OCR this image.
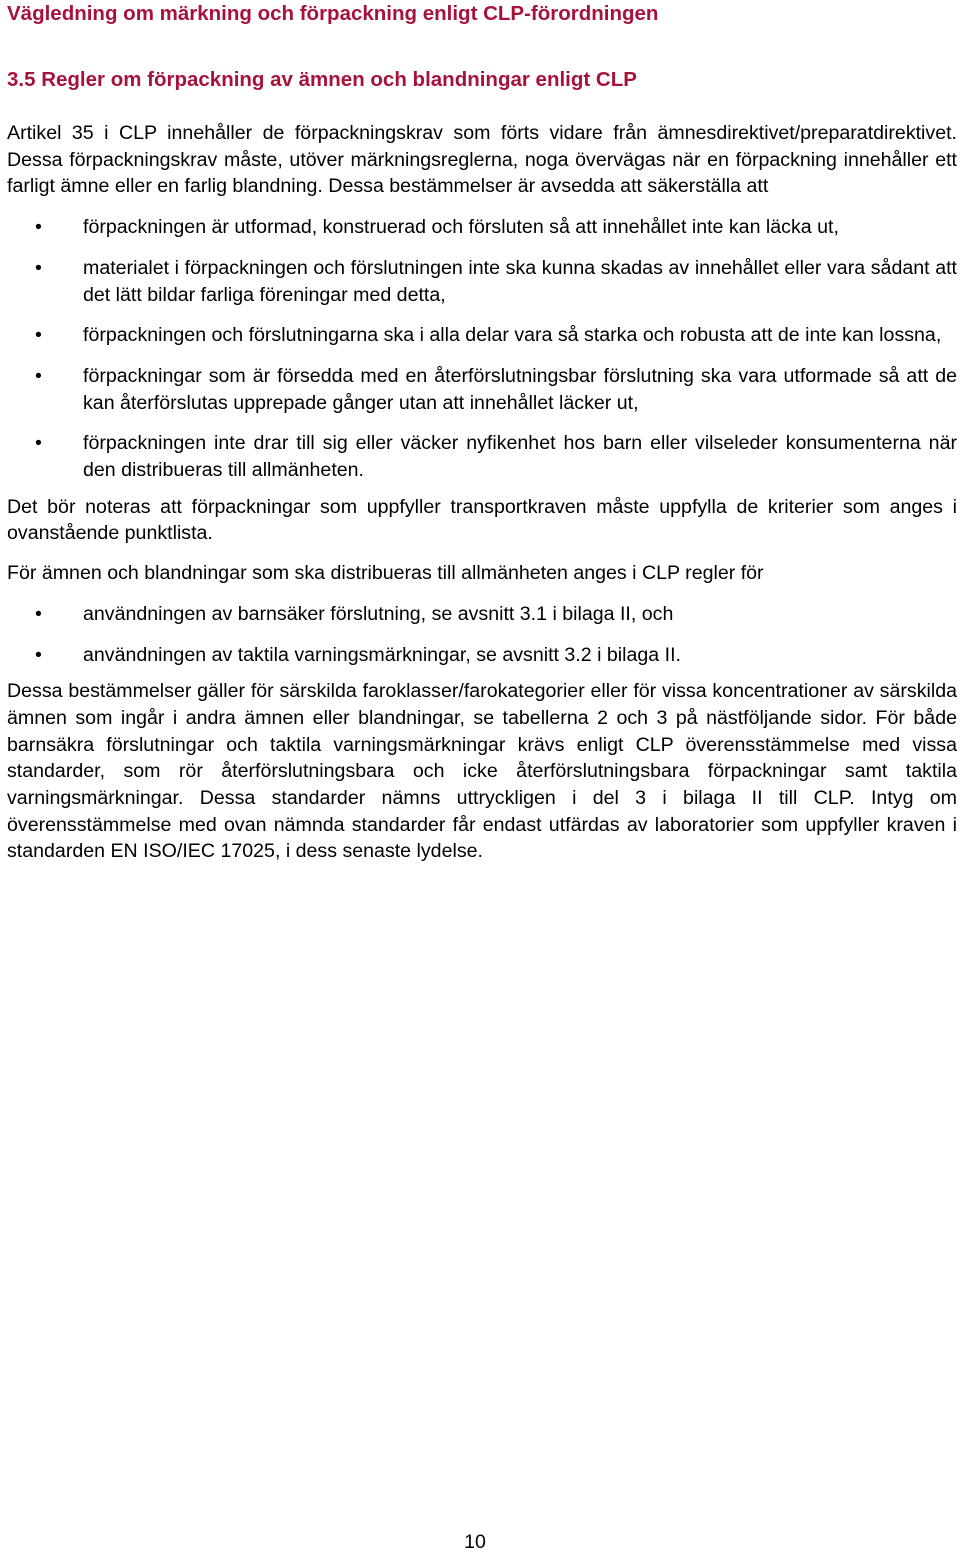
Vägledning om märkning och förpackning enligt CLP-förordningen
3.5 Regler om förpackning av ämnen och blandningar enligt CLP

Artikel 35 i CLP innehåller de förpackningskrav som förts vidare från ämnesdirektivet/preparatdirektivet. Dessa förpackningskrav måste, utöver märkningsreglerna, noga övervägas när en förpackning innehåller ett farligt ämne eller en farlig blandning. Dessa bestämmelser är avsedda att säkerställa att

•	förpackningen är utformad, konstruerad och försluten så att innehållet inte kan läcka ut,
•	materialet i förpackningen och förslutningen inte ska kunna skadas av innehållet eller vara sådant att det lätt bildar farliga föreningar med detta,
•	förpackningen och förslutningarna ska i alla delar vara så starka och robusta att de inte kan lossna,
•	förpackningar som är försedda med en återförslutningsbar förslutning ska vara utformade så att de kan återförslutas upprepade gånger utan att innehållet läcker ut,
•	förpackningen inte drar till sig eller väcker nyfikenhet hos barn eller vilseleder konsumenterna när den distribueras till allmänheten.

Det bör noteras att förpackningar som uppfyller transportkraven måste uppfylla de kriterier som anges i ovanstående punktlista.

För ämnen och blandningar som ska distribueras till allmänheten anges i CLP regler för

•	användningen av barnsäker förslutning, se avsnitt 3.1 i bilaga II, och
•	användningen av taktila varningsmärkningar, se avsnitt 3.2 i bilaga II.

Dessa bestämmelser gäller för särskilda faroklasser/farokategorier eller för vissa koncentrationer av särskilda ämnen som ingår i andra ämnen eller blandningar, se tabellerna 2 och 3 på nästföljande sidor. För både barnsäkra förslutningar och taktila varningsmärkningar krävs enligt CLP överensstämmelse med vissa standarder, som rör återförslutningsbara och icke återförslutningsbara förpackningar samt taktila varningsmärkningar. Dessa standarder nämns uttryckligen i del 3 i bilaga II till CLP. Intyg om överensstämmelse med ovan nämnda standarder får endast utfärdas av laboratorier som uppfyller kraven i standarden EN ISO/IEC 17025, i dess senaste lydelse.

10
